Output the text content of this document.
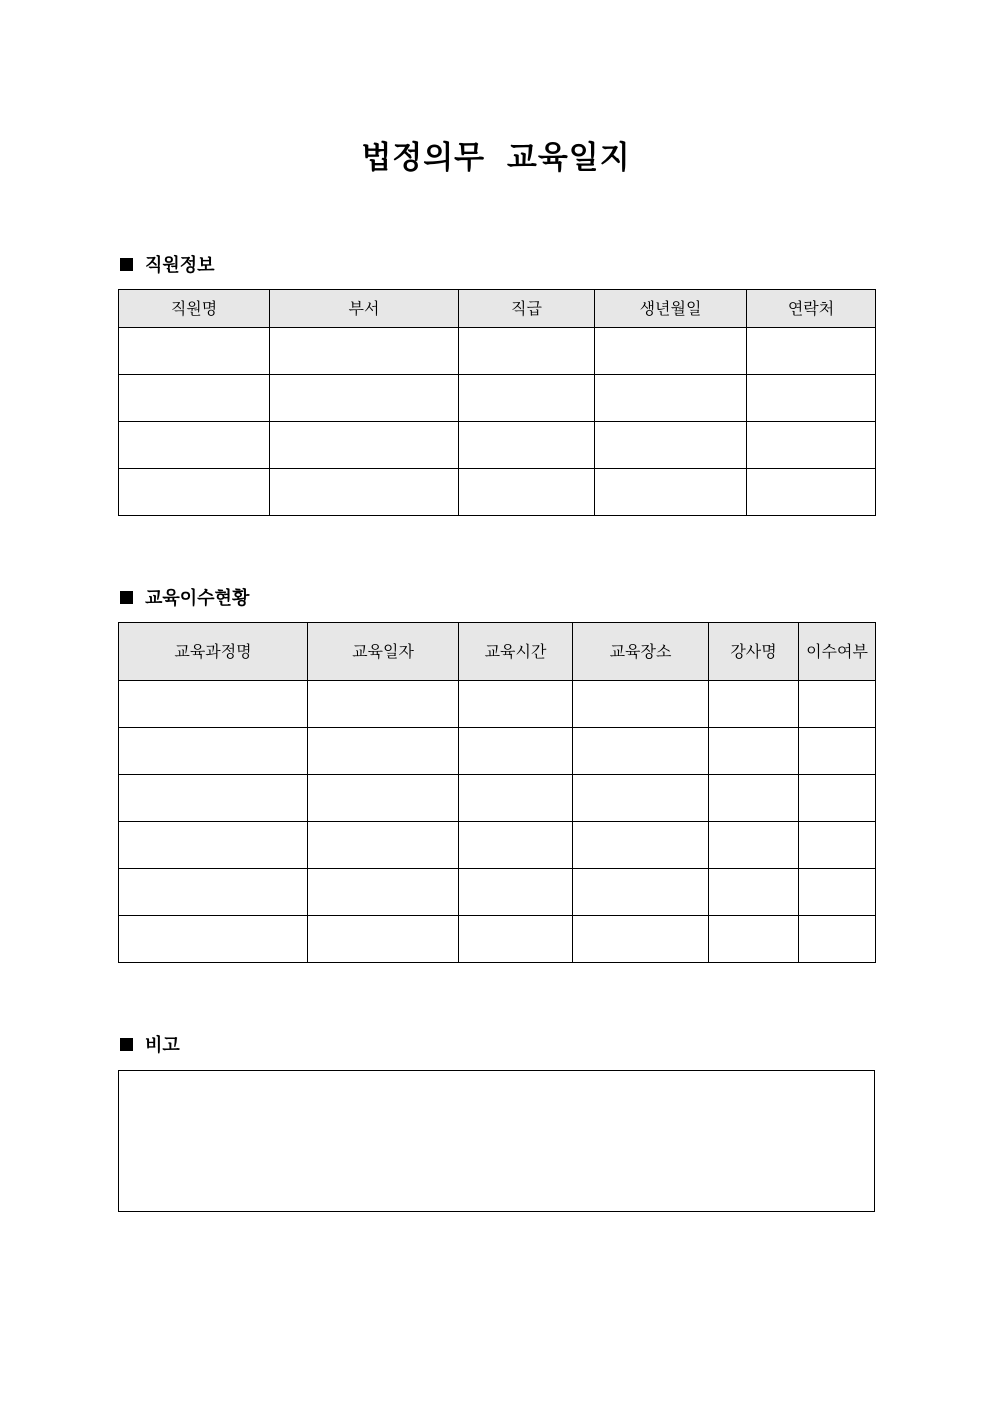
법정의무 교육일지
직원정보
직원명	부서	직급	생년월일	연락처

교육이수현황
교육과정명	교육일자	교육시간	교육장소	강사명	이수여부

비고
